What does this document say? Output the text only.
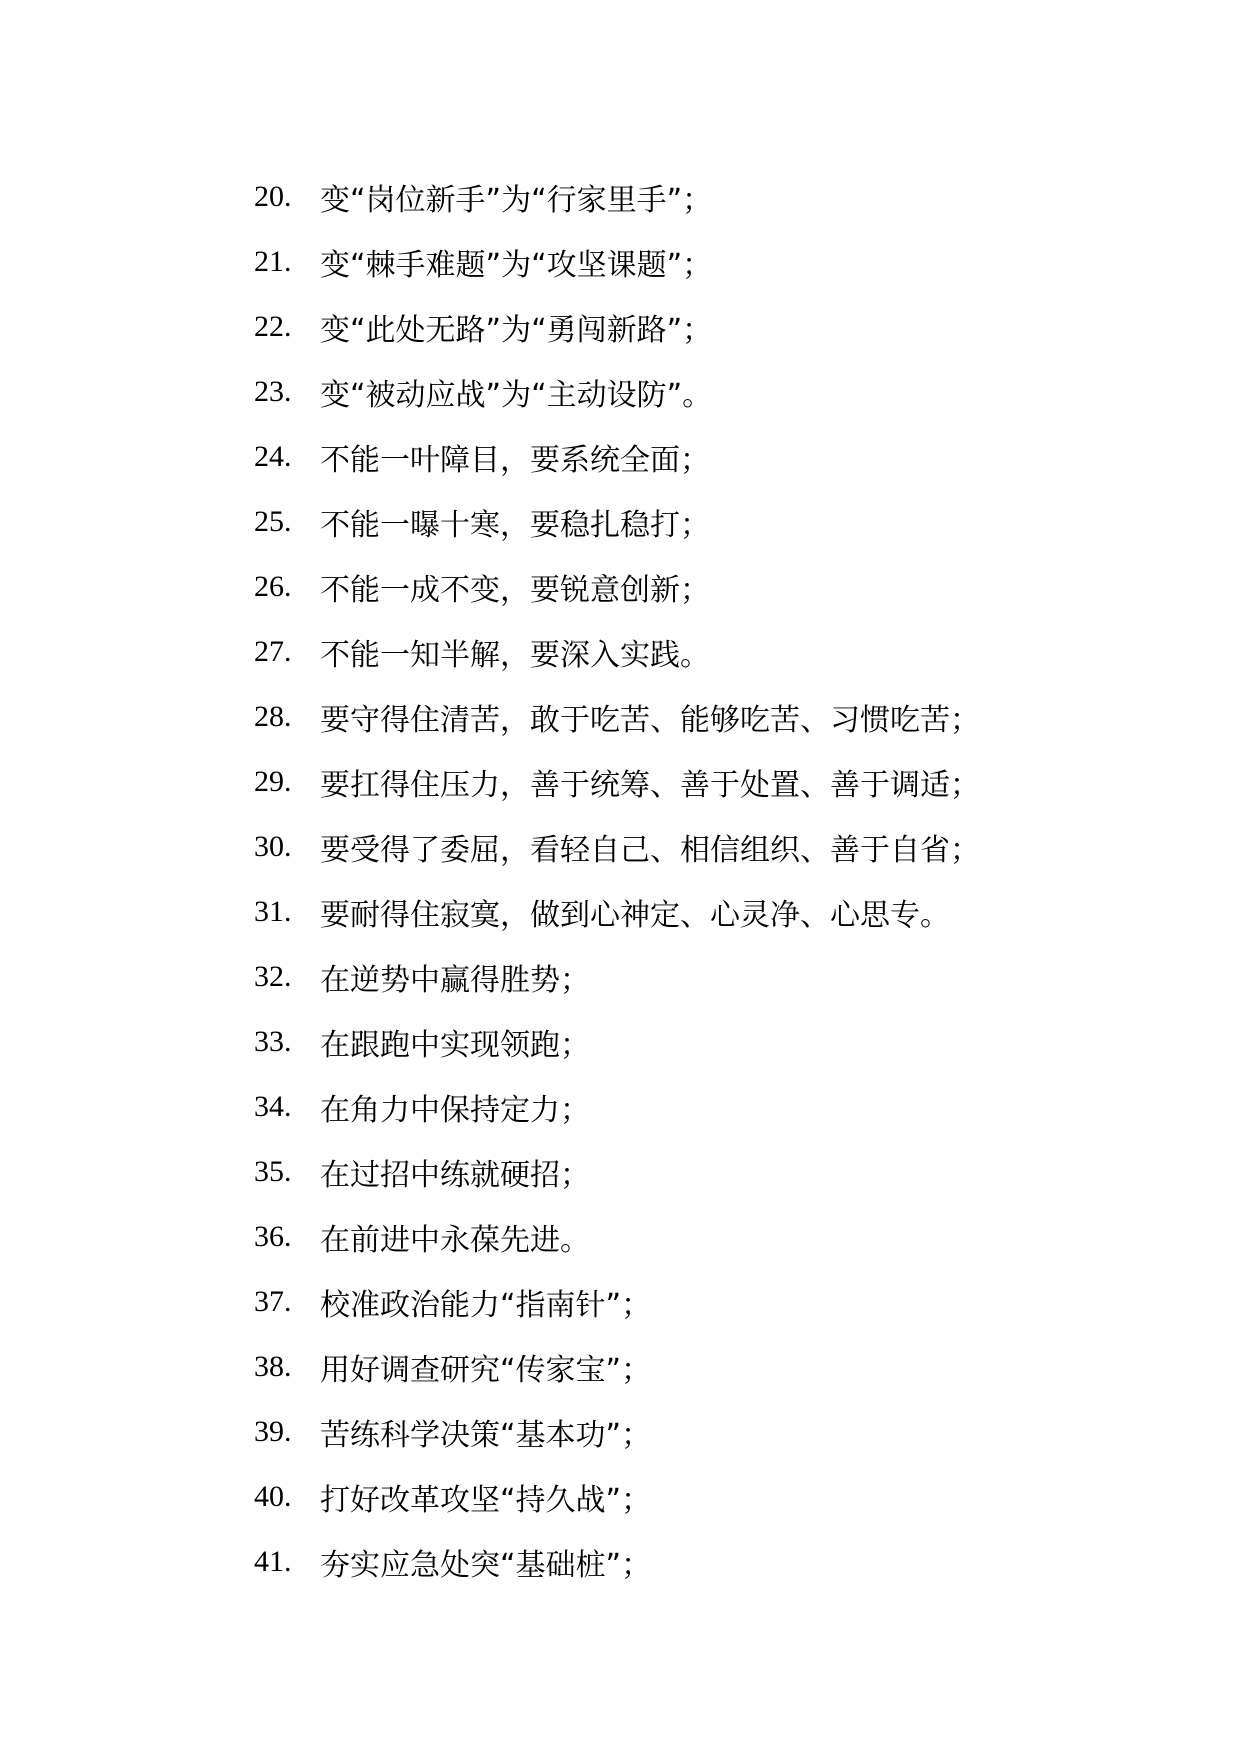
20. 变“岗位新手”为“行家里手”；
21. 变“棘手难题”为“攻坚课题”；
22. 变“此处无路”为“勇闯新路”；
23. 变“被动应战”为“主动设防”。
24. 不能一叶障目，要系统全面；
25. 不能一曝十寒，要稳扎稳打；
26. 不能一成不变，要锐意创新；
27. 不能一知半解，要深入实践。
28. 要守得住清苦，敢于吃苦、能够吃苦、习惯吃苦；
29. 要扛得住压力，善于统筹、善于处置、善于调适；
30. 要受得了委屈，看轻自己、相信组织、善于自省；
31. 要耐得住寂寞，做到心神定、心灵净、心思专。
32. 在逆势中赢得胜势；
33. 在跟跑中实现领跑；
34. 在角力中保持定力；
35. 在过招中练就硬招；
36. 在前进中永葆先进。
37. 校准政治能力“指南针”；
38. 用好调查研究“传家宝”；
39. 苦练科学决策“基本功”；
40. 打好改革攻坚“持久战”；
41. 夯实应急处突“基础桩”；
